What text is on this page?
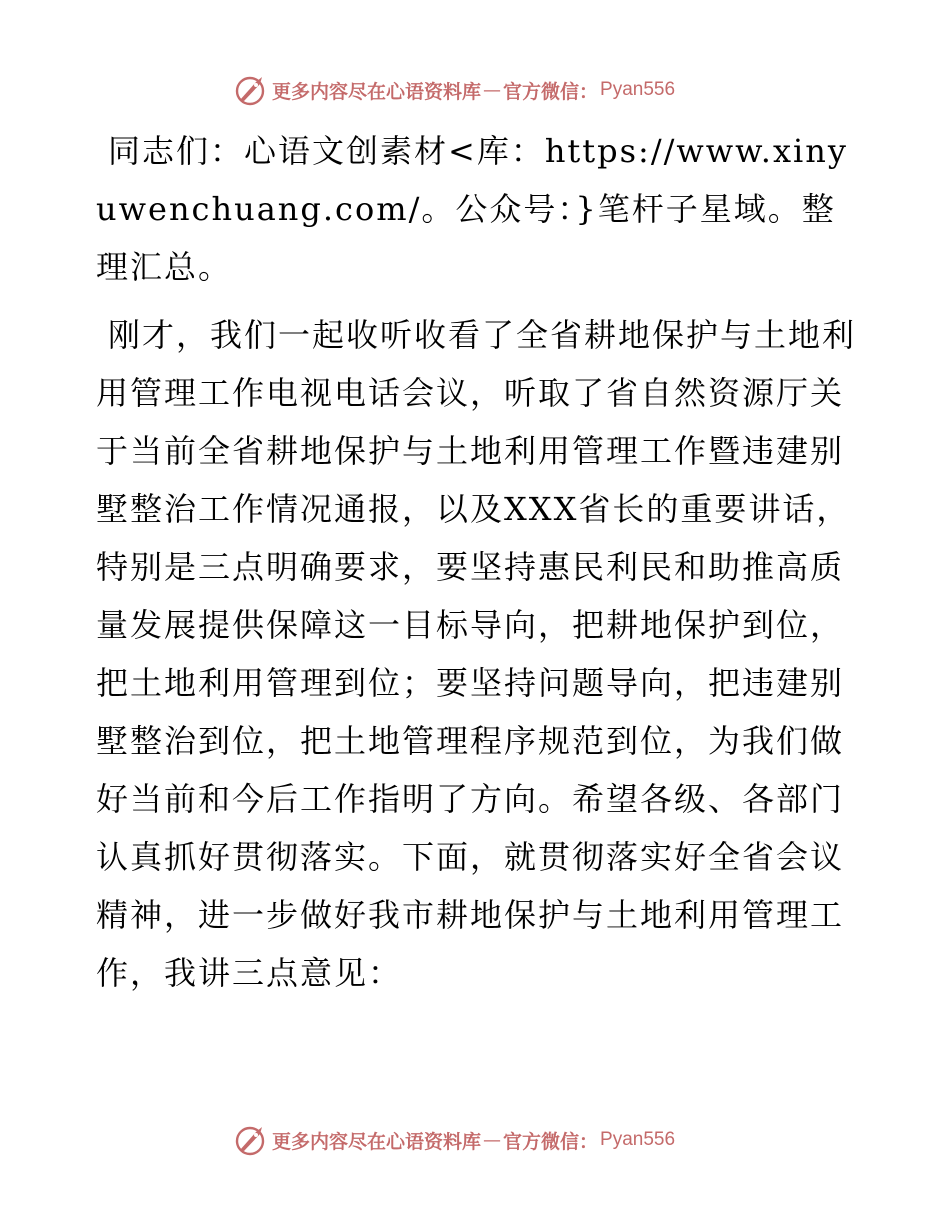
更多内容尽在心语资料库 — 官方微信： Pyan556

同志们：心语文创素材<库：https://www.xinyuwenchuang.com/。公众号：}笔杆子星域。整理汇总。

刚才，我们一起收听收看了全省耕地保护与土地利用管理工作电视电话会议，听取了省自然资源厅关于当前全省耕地保护与土地利用管理工作暨违建别墅整治工作情况通报，以及XXX省长的重要讲话，特别是三点明确要求，要坚持惠民利民和助推高质量发展提供保障这一目标导向，把耕地保护到位，把土地利用管理到位；要坚持问题导向，把违建别墅整治到位，把土地管理程序规范到位，为我们做好当前和今后工作指明了方向。希望各级、各部门认真抓好贯彻落实。下面，就贯彻落实好全省会议精神，进一步做好我市耕地保护与土地利用管理工作，我讲三点意见：

更多内容尽在心语资料库 — 官方微信： Pyan556
